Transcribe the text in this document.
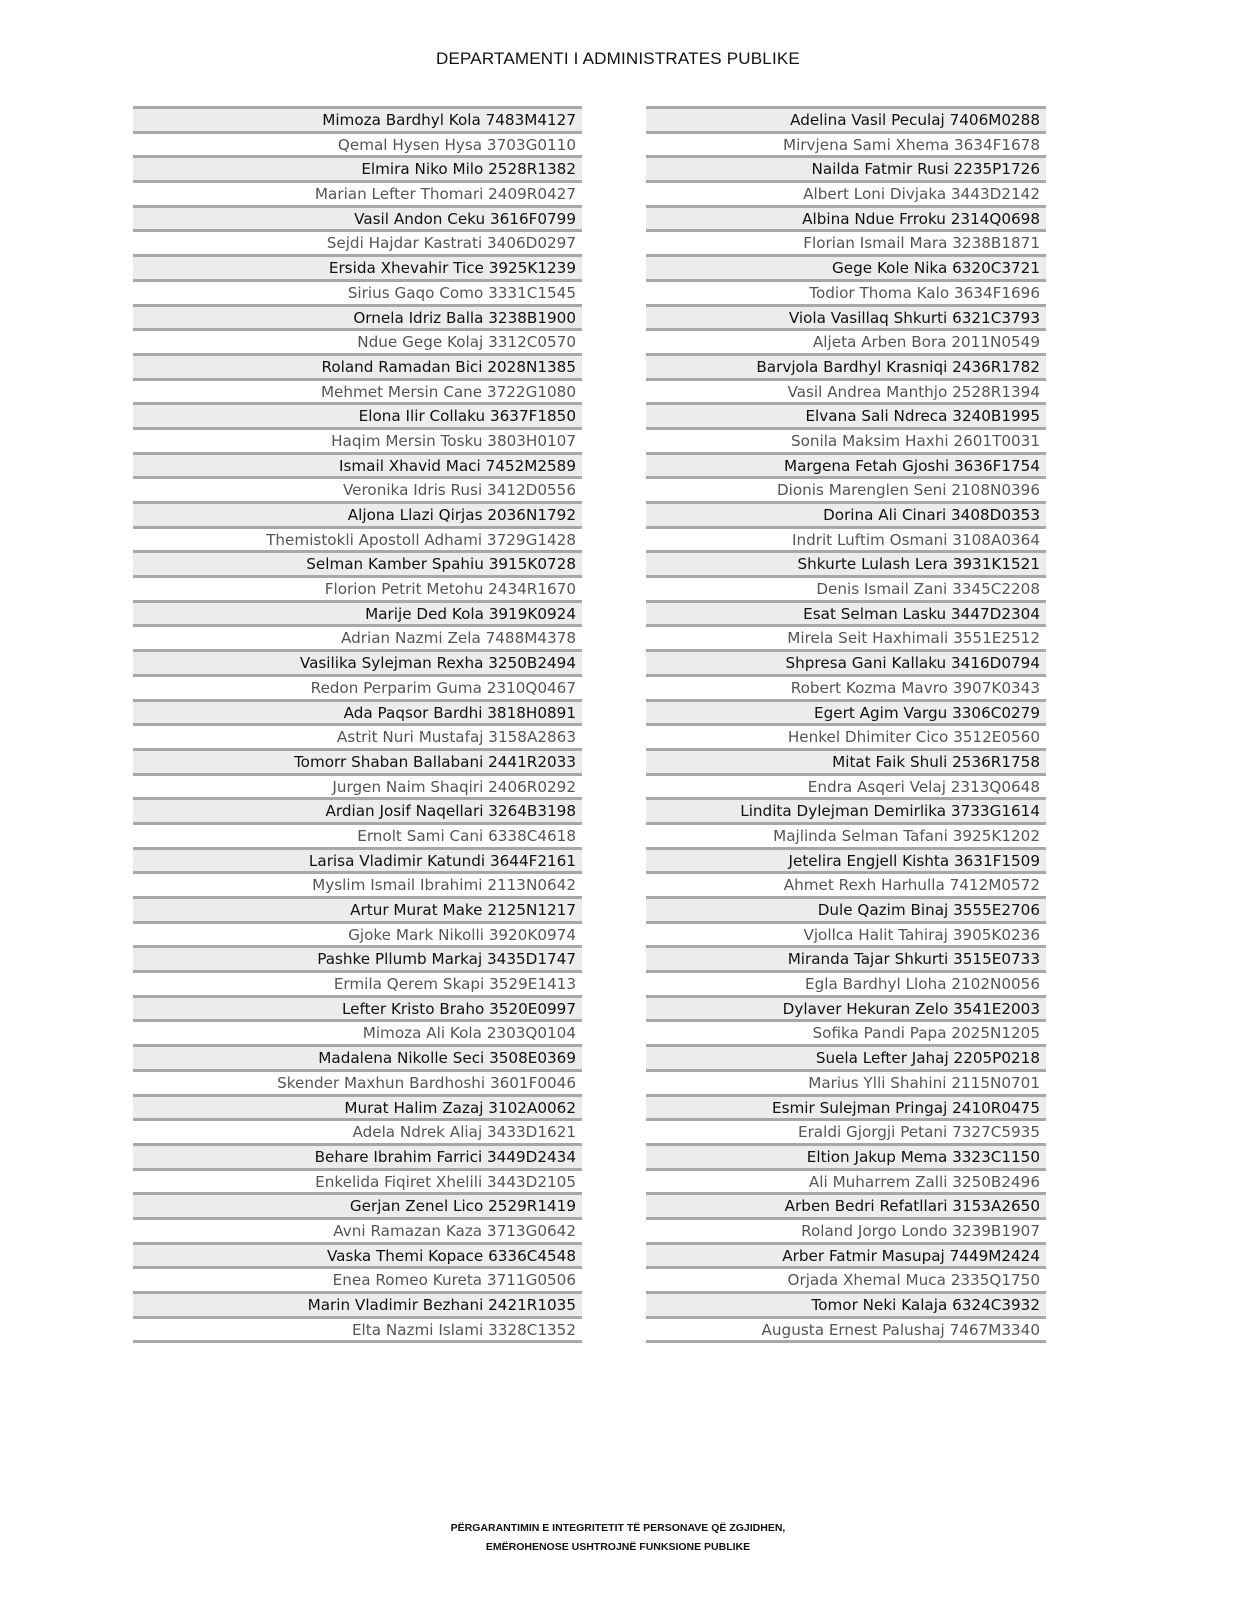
DEPARTAMENTI I ADMINISTRATES PUBLIKE
Mimoza Bardhyl Kola 7483M4127
Qemal Hysen Hysa 3703G0110
Elmira Niko Milo 2528R1382
Marian Lefter Thomari 2409R0427
Vasil Andon Ceku 3616F0799
Sejdi Hajdar Kastrati 3406D0297
Ersida Xhevahir Tice 3925K1239
Sirius Gaqo Como 3331C1545
Ornela Idriz Balla 3238B1900
Ndue Gege Kolaj 3312C0570
Roland Ramadan Bici 2028N1385
Mehmet Mersin Cane 3722G1080
Elona Ilir Collaku 3637F1850
Haqim Mersin Tosku 3803H0107
Ismail Xhavid Maci 7452M2589
Veronika Idris Rusi 3412D0556
Aljona Llazi Qirjas 2036N1792
Themistokli Apostoll Adhami 3729G1428
Selman Kamber Spahiu 3915K0728
Florion Petrit Metohu 2434R1670
Marije Ded Kola 3919K0924
Adrian Nazmi Zela 7488M4378
Vasilika Sylejman Rexha 3250B2494
Redon Perparim Guma 2310Q0467
Ada Paqsor Bardhi 3818H0891
Astrit Nuri Mustafaj 3158A2863
Tomorr Shaban Ballabani 2441R2033
Jurgen Naim Shaqiri 2406R0292
Ardian Josif Naqellari 3264B3198
Ernolt Sami Cani 6338C4618
Larisa Vladimir Katundi 3644F2161
Myslim Ismail Ibrahimi 2113N0642
Artur Murat Make 2125N1217
Gjoke Mark Nikolli 3920K0974
Pashke Pllumb Markaj 3435D1747
Ermila Qerem Skapi 3529E1413
Lefter Kristo Braho 3520E0997
Mimoza Ali Kola 2303Q0104
Madalena Nikolle Seci 3508E0369
Skender Maxhun Bardhoshi 3601F0046
Murat Halim Zazaj 3102A0062
Adela Ndrek Aliaj 3433D1621
Behare Ibrahim Farrici 3449D2434
Enkelida Fiqiret Xhelili 3443D2105
Gerjan Zenel Lico 2529R1419
Avni Ramazan Kaza 3713G0642
Vaska Themi Kopace 6336C4548
Enea Romeo Kureta 3711G0506
Marin Vladimir Bezhani 2421R1035
Elta Nazmi Islami 3328C1352
Adelina Vasil Peculaj 7406M0288
Mirvjena Sami Xhema 3634F1678
Nailda Fatmir Rusi 2235P1726
Albert Loni Divjaka 3443D2142
Albina Ndue Frroku 2314Q0698
Florian Ismail Mara 3238B1871
Gege Kole Nika 6320C3721
Todior Thoma Kalo 3634F1696
Viola Vasillaq Shkurti 6321C3793
Aljeta Arben Bora 2011N0549
Barvjola Bardhyl Krasniqi 2436R1782
Vasil Andrea Manthjo 2528R1394
Elvana Sali Ndreca 3240B1995
Sonila Maksim Haxhi 2601T0031
Margena Fetah Gjoshi 3636F1754
Dionis Marenglen Seni 2108N0396
Dorina Ali Cinari 3408D0353
Indrit Luftim Osmani 3108A0364
Shkurte Lulash Lera 3931K1521
Denis Ismail Zani 3345C2208
Esat Selman Lasku 3447D2304
Mirela Seit Haxhimali 3551E2512
Shpresa Gani Kallaku 3416D0794
Robert Kozma Mavro 3907K0343
Egert Agim Vargu 3306C0279
Henkel Dhimiter Cico 3512E0560
Mitat Faik Shuli 2536R1758
Endra Asqeri Velaj 2313Q0648
Lindita Dylejman Demirlika 3733G1614
Majlinda Selman Tafani 3925K1202
Jetelira Engjell Kishta 3631F1509
Ahmet Rexh Harhulla 7412M0572
Dule Qazim Binaj 3555E2706
Vjollca Halit Tahiraj 3905K0236
Miranda Tajar Shkurti 3515E0733
Egla Bardhyl Lloha 2102N0056
Dylaver Hekuran Zelo 3541E2003
Sofika Pandi Papa 2025N1205
Suela Lefter Jahaj 2205P0218
Marius Ylli Shahini 2115N0701
Esmir Sulejman Pringaj 2410R0475
Eraldi Gjorgji Petani 7327C5935
Eltion Jakup Mema 3323C1150
Ali Muharrem Zalli 3250B2496
Arben Bedri Refatllari 3153A2650
Roland Jorgo Londo 3239B1907
Arber Fatmir Masupaj 7449M2424
Orjada Xhemal Muca 2335Q1750
Tomor Neki Kalaja 6324C3932
Augusta Ernest Palushaj 7467M3340
PËRGARANTIMIN E INTEGRITETIT TË PERSONAVE QË ZGJIDHEN,
EMËROHENOSE USHTROJNË FUNKSIONE PUBLIKE
